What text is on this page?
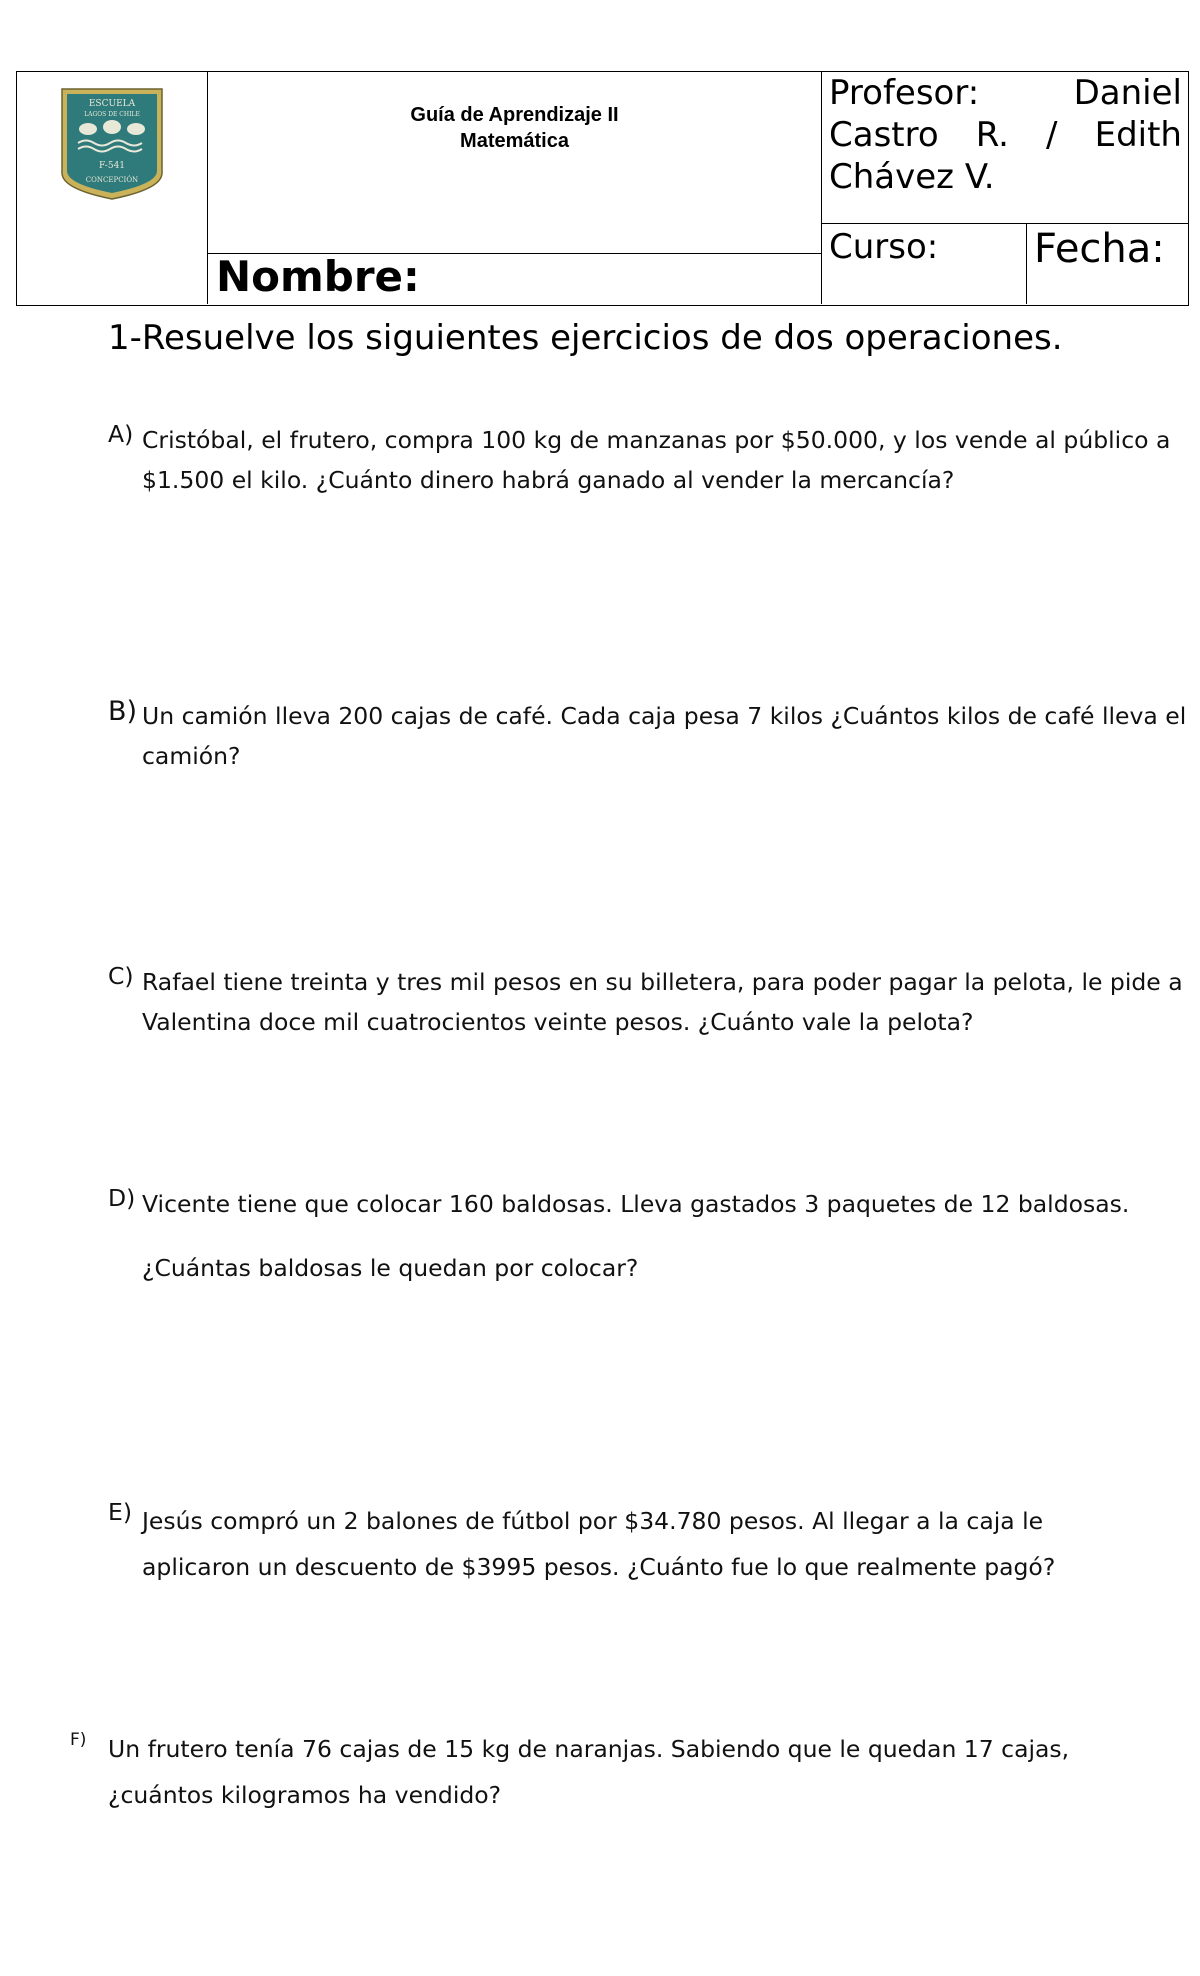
ESCUELA
LAGOS DE CHILE
F-541
CONCEPCIÓN
Guía de Aprendizaje II
Matemática
Nombre:
Profesor: Daniel Castro R. / Edith Chávez V.
Curso:	Fecha:
1-Resuelve los siguientes ejercicios de dos operaciones.
A) Cristóbal, el frutero, compra 100 kg de manzanas por $50.000, y los vende al público a
$1.500 el kilo. ¿Cuánto dinero habrá ganado al vender la mercancía?
B) Un camión lleva 200 cajas de café. Cada caja pesa 7 kilos ¿Cuántos kilos de café lleva el
camión?
C) Rafael tiene treinta y tres mil pesos en su billetera, para poder pagar la pelota, le pide a
Valentina doce mil cuatrocientos veinte pesos. ¿Cuánto vale la pelota?
D) Vicente tiene que colocar 160 baldosas. Lleva gastados 3 paquetes de 12 baldosas.
¿Cuántas baldosas le quedan por colocar?
E) Jesús compró un 2 balones de fútbol por $34.780 pesos. Al llegar a la caja le
aplicaron un descuento de $3995 pesos. ¿Cuánto fue lo que realmente pagó?
F) Un frutero tenía 76 cajas de 15 kg de naranjas. Sabiendo que le quedan 17 cajas,
¿cuántos kilogramos ha vendido?
